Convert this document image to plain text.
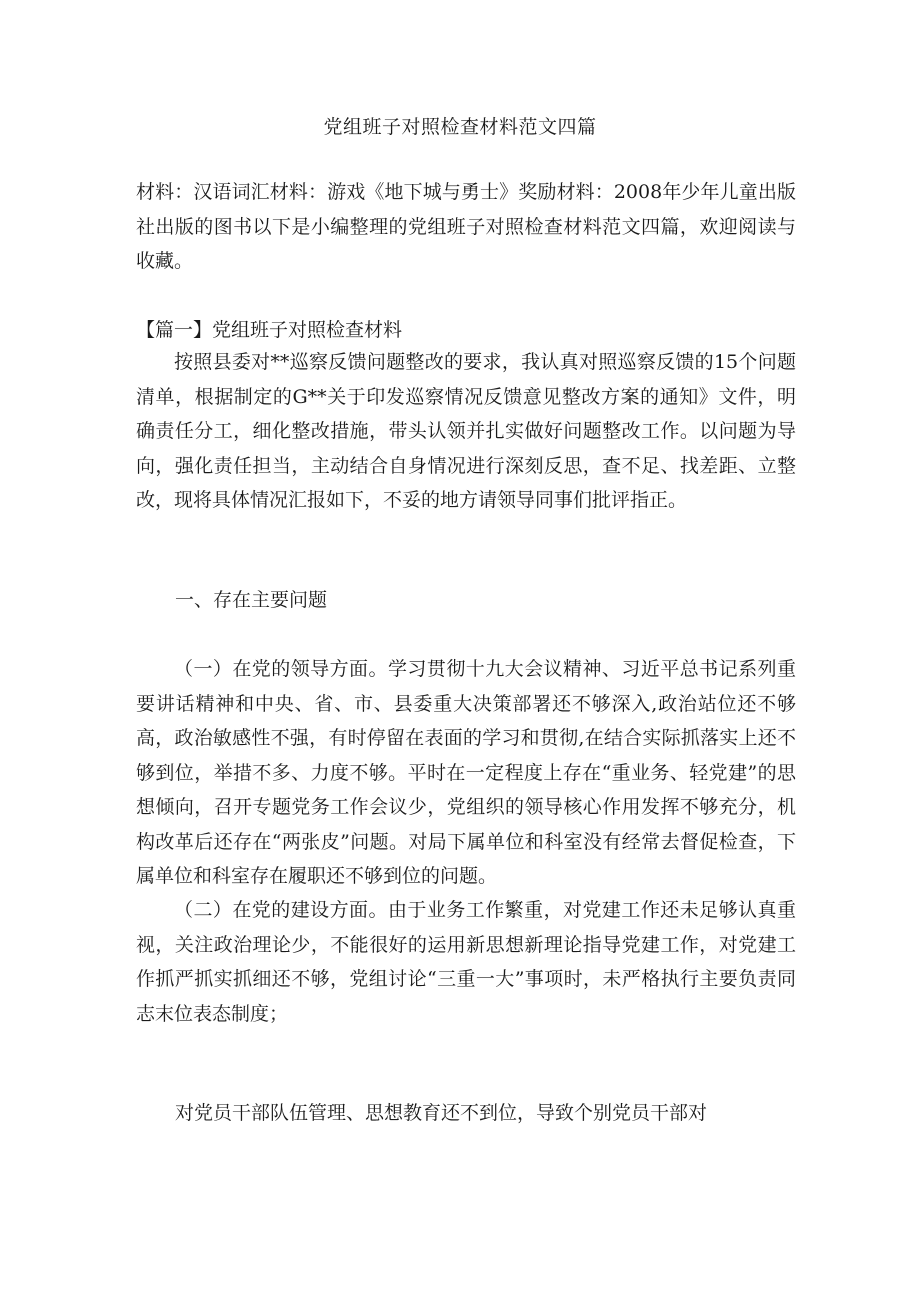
党组班子对照检查材料范文四篇

材料：汉语词汇材料：游戏《地下城与勇士》奖励材料：2008年少年儿童出版社出版的图书以下是小编整理的党组班子对照检查材料范文四篇，欢迎阅读与收藏。

【篇一】党组班子对照检查材料

按照县委对**巡察反馈问题整改的要求，我认真对照巡察反馈的15个问题清单，根据制定的G**关于印发巡察情况反馈意见整改方案的通知》文件，明确责任分工，细化整改措施，带头认领并扎实做好问题整改工作。以问题为导向，强化责任担当，主动结合自身情况进行深刻反思，查不足、找差距、立整改，现将具体情况汇报如下，不妥的地方请领导同事们批评指正。

一、存在主要问题

（一）在党的领导方面。学习贯彻十九大会议精神、习近平总书记系列重要讲话精神和中央、省、市、县委重大决策部署还不够深入,政治站位还不够高，政治敏感性不强，有时停留在表面的学习和贯彻,在结合实际抓落实上还不够到位，举措不多、力度不够。平时在一定程度上存在“重业务、轻党建”的思想倾向，召开专题党务工作会议少，党组织的领导核心作用发挥不够充分，机构改革后还存在“两张皮”问题。对局下属单位和科室没有经常去督促检查，下属单位和科室存在履职还不够到位的问题。

（二）在党的建设方面。由于业务工作繁重，对党建工作还未足够认真重视，关注政治理论少，不能很好的运用新思想新理论指导党建工作，对党建工作抓严抓实抓细还不够，党组讨论“三重一大”事项时，未严格执行主要负责同志末位表态制度；

对党员干部队伍管理、思想教育还不到位，导致个别党员干部对
